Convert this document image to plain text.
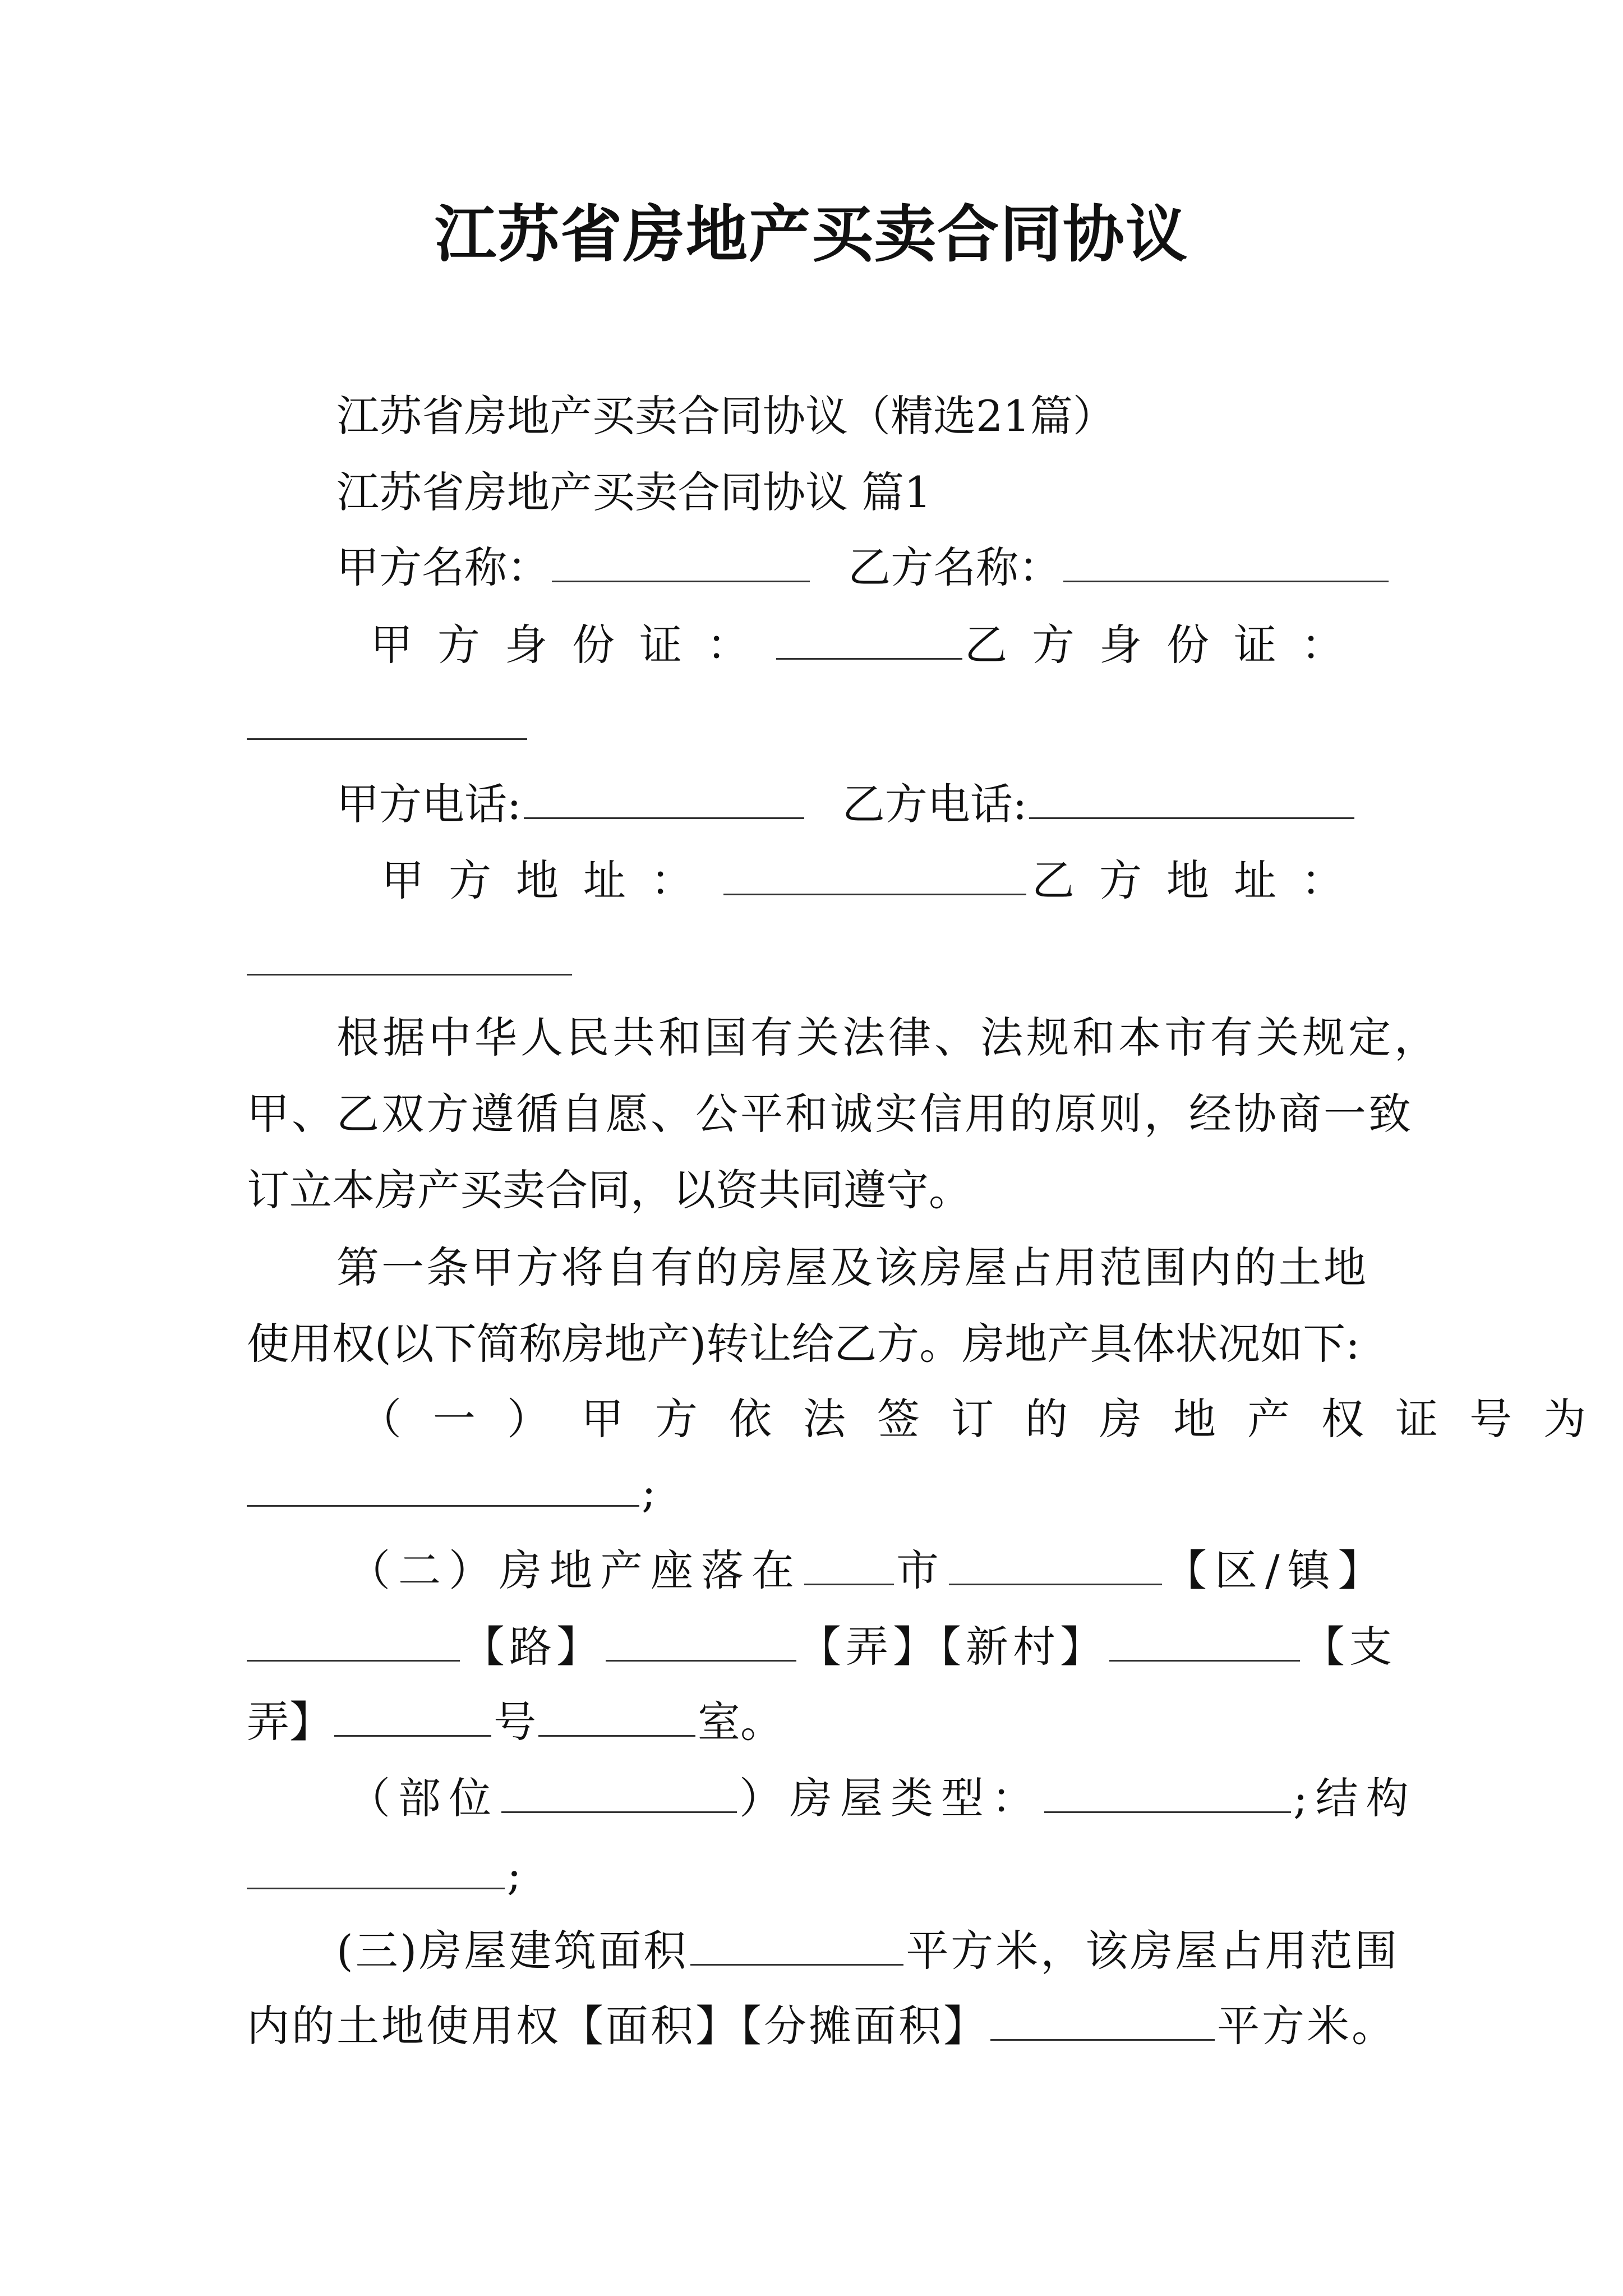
江苏省房地产买卖合同协议
江苏省房地产买卖合同协议（精选21篇）
江苏省房地产买卖合同协议 篇1
甲方名称：	乙方名称：
甲方身份证：	乙方身份证：
甲方电话:	乙方电话:
甲方地址：	乙方地址：
根据中华人民共和国有关法律、法规和本市有关规定，
甲、乙双方遵循自愿、公平和诚实信用的原则，经协商一致
订立本房产买卖合同，以资共同遵守。
第一条甲方将自有的房屋及该房屋占用范围内的土地
使用权(以下简称房地产)转让给乙方。房地产具体状况如下:
（一）甲方依法签订的房地产权证号为
;
（二）房地产座落在 市	【区/镇】
【路】	【弄】【新村】	【支
弄】	号	室。
（部位	）房屋类型：	;结构
;
(三)房屋建筑面积	平方米，该房屋占用范围
内的土地使用权【面积】【分摊面积】	平方米。
